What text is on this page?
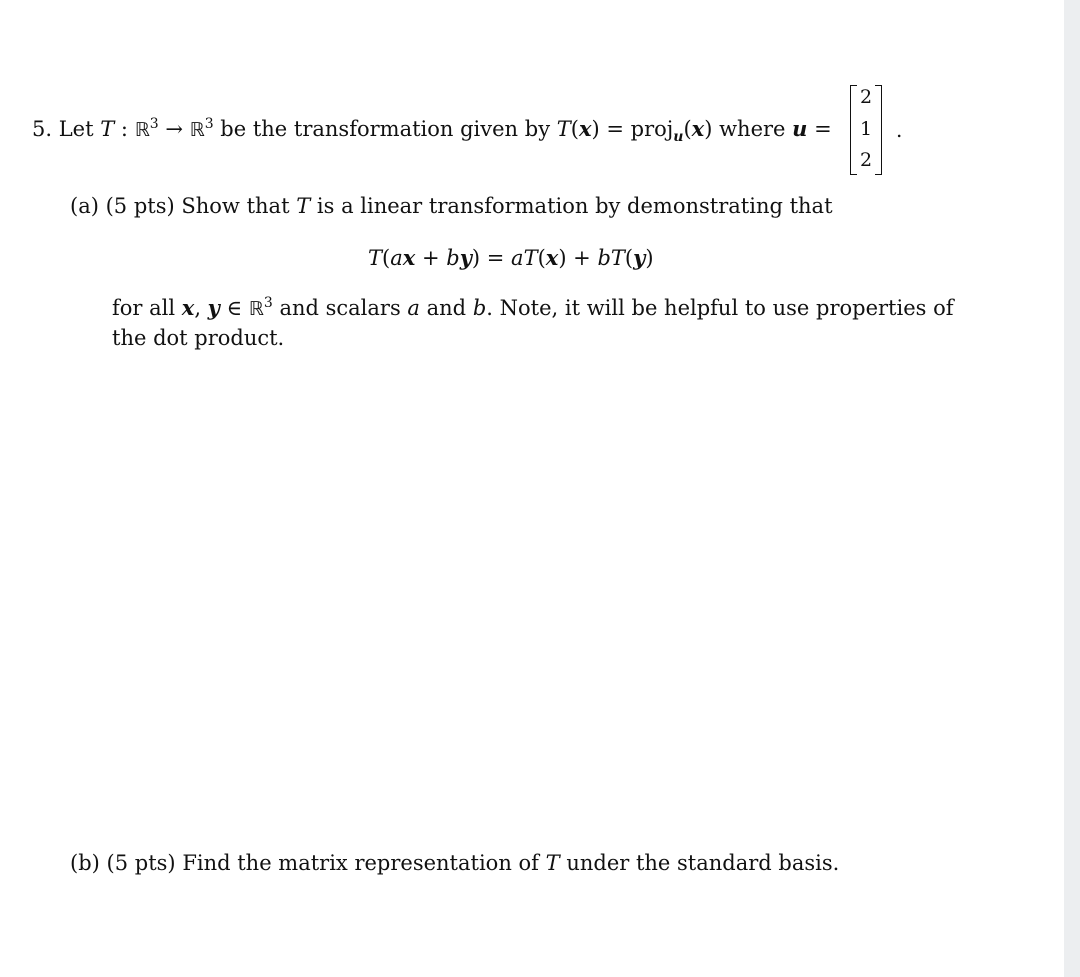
5. Let T : ℝ$^3$ → ℝ$^3$ be the transformation given by T(x) = proj$_u$(x) where u =
2
1
2
.
(a) (5 pts) Show that T is a linear transformation by demonstrating that
T(ax + by) = aT(x) + bT(y)
for all x, y ∈ ℝ$^3$ and scalars a and b. Note, it will be helpful to use properties of
the dot product.
(b) (5 pts) Find the matrix representation of T under the standard basis.
